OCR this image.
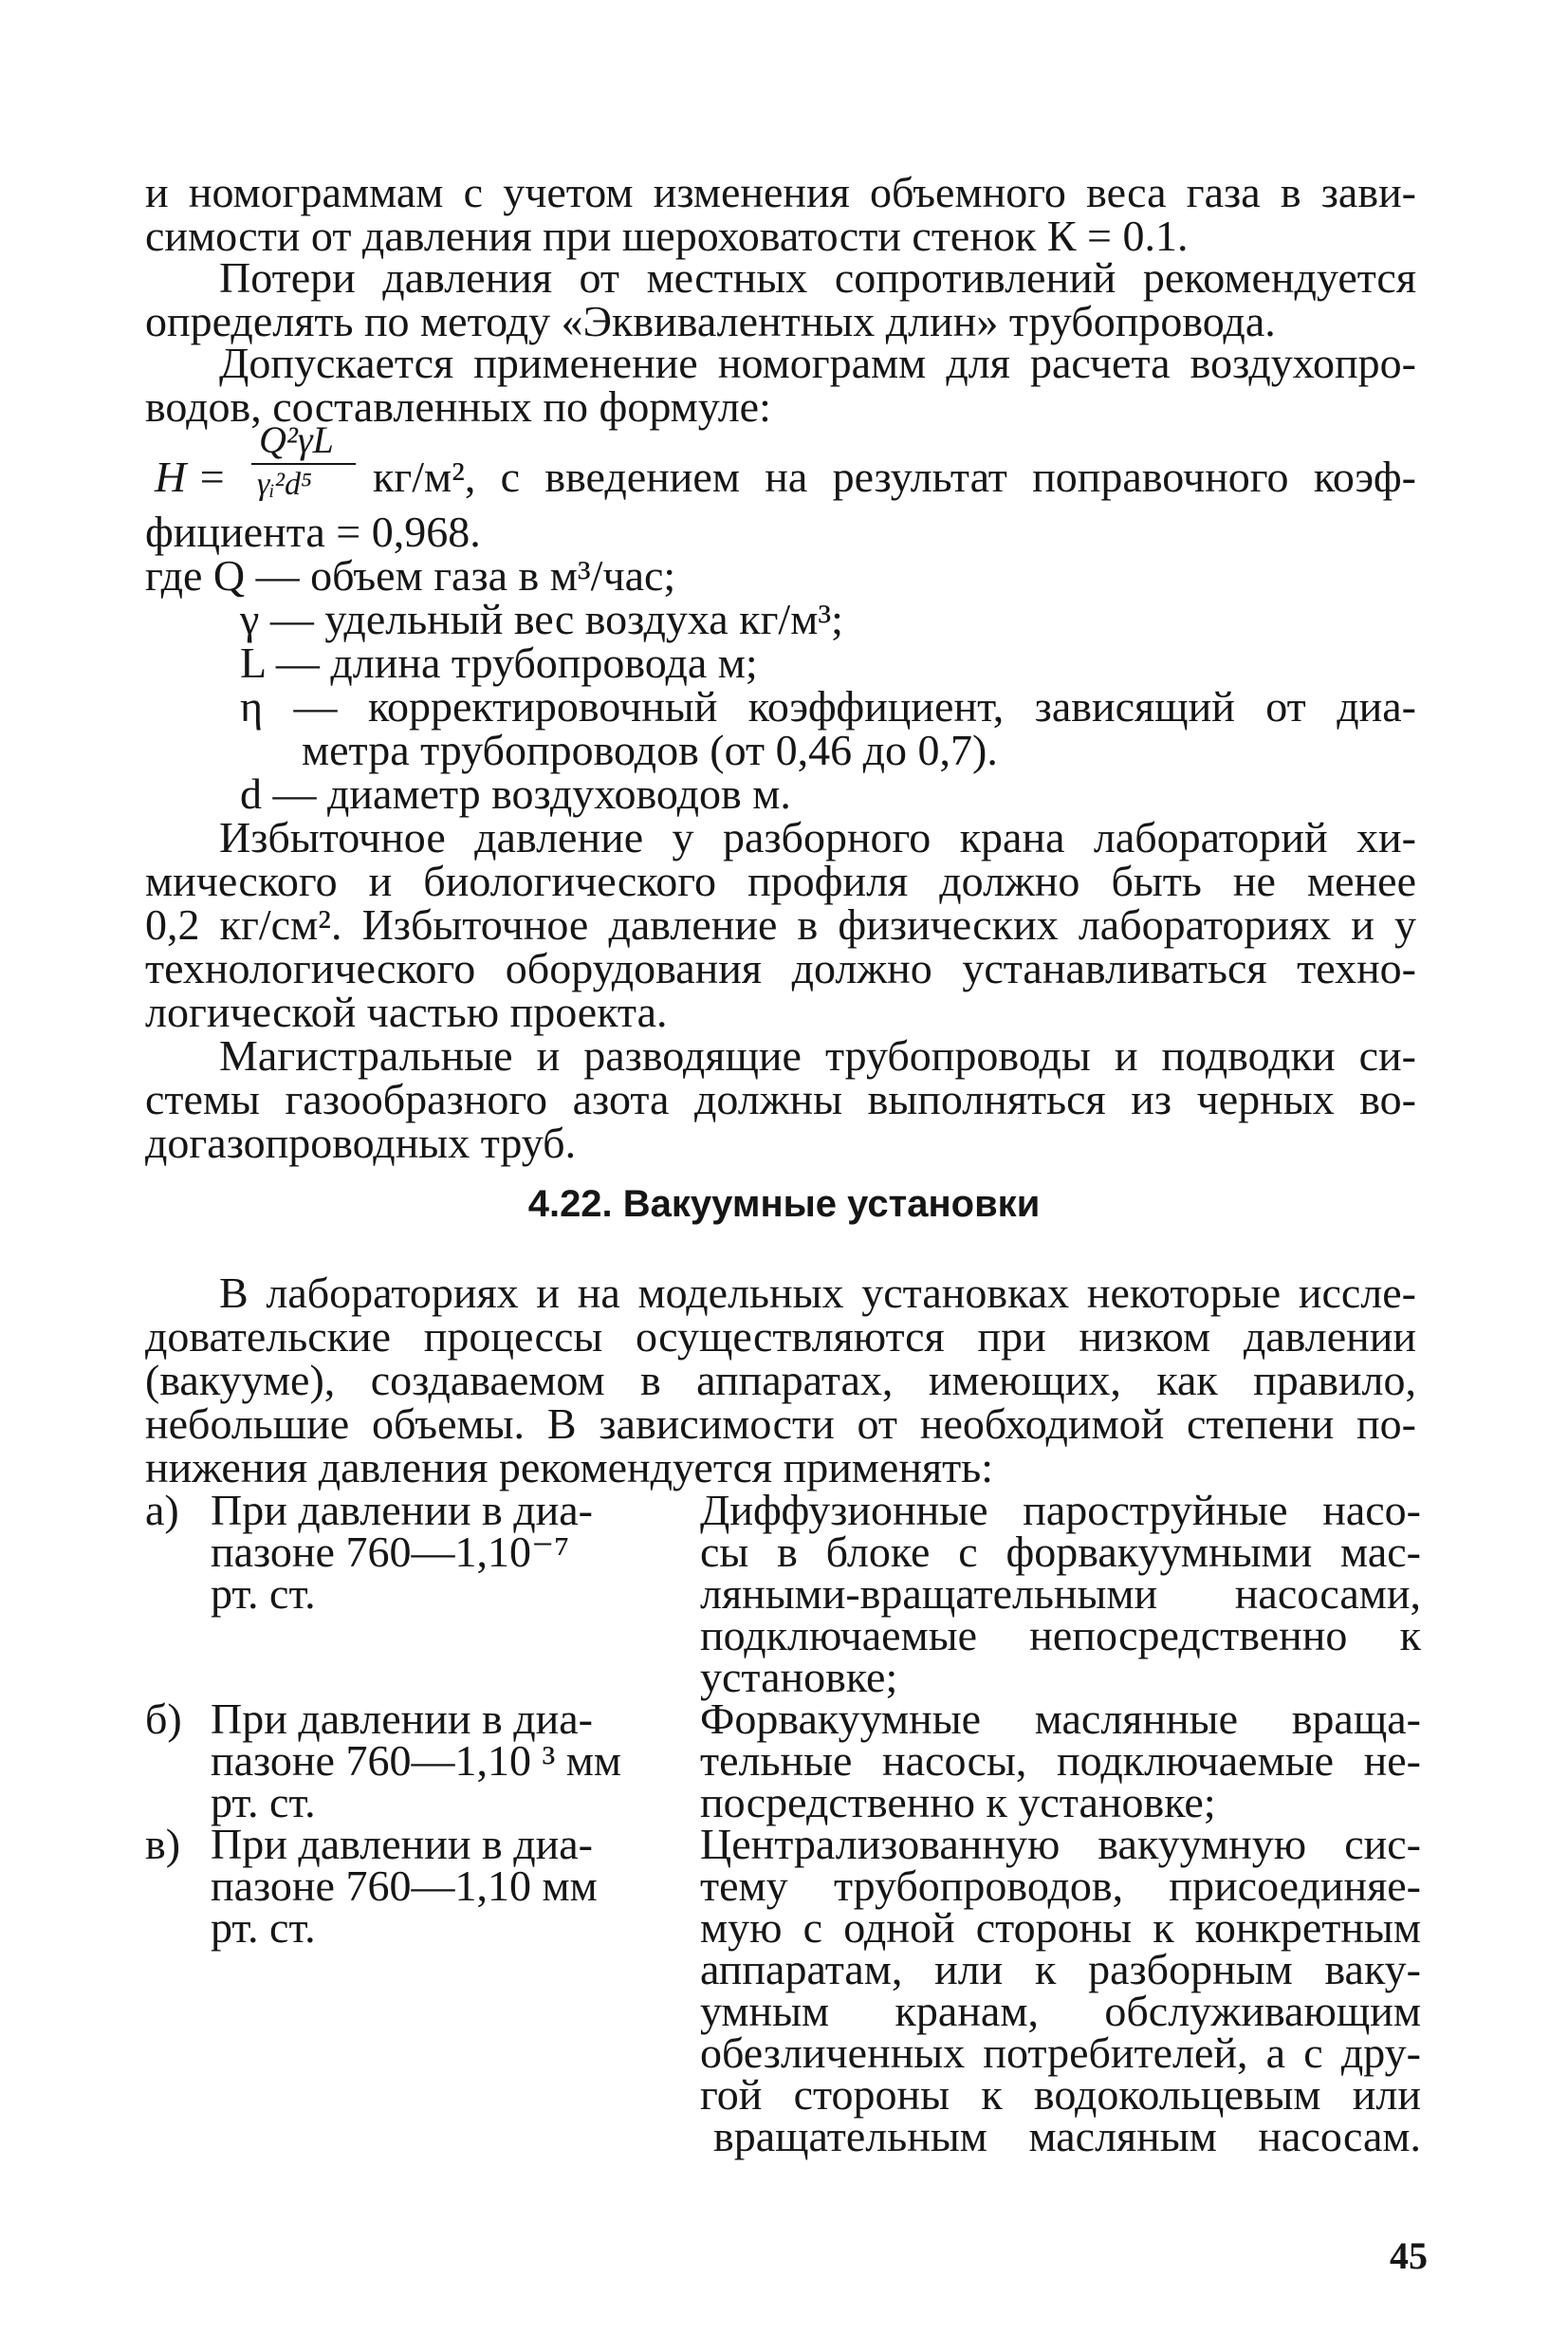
и номограммам с учетом изменения объемного веса газа в зави-
симости от давления при шероховатости стенок К = 0.1.
Потери давления от местных сопротивлений рекомендуется
определять по методу «Эквивалентных длин» трубопровода.
Допускается применение номограмм для расчета воздухопро-
водов, составленных по формуле:
H =
Q²γL
γᵢ²d⁵ кг/м², с введением на результат поправочного коэф-
фициента = 0,968.
где Q — объем газа в м³/час;
γ — удельный вес воздуха кг/м³;
L — длина трубопровода м;
η — корректировочный коэффициент, зависящий от диа-
метра трубопроводов (от 0,46 до 0,7).
d — диаметр воздуховодов м.
Избыточное давление у разборного крана лабораторий хи-
мического и биологического профиля должно быть не менее
0,2 кг/см². Избыточное давление в физических лабораториях и у
технологического оборудования должно устанавливаться техно-
логической частью проекта.
Магистральные и разводящие трубопроводы и подводки си-
стемы газообразного азота должны выполняться из черных во-
догазопроводных труб.
4.22. Вакуумные установки
В лабораториях и на модельных установках некоторые иссле-
довательские процессы осуществляются при низком давлении
(вакууме), создаваемом в аппаратах, имеющих, как правило,
небольшие объемы. В зависимости от необходимой степени по-
нижения давления рекомендуется применять:
а) При давлении в диа-
пазоне 760—1,10⁻⁷
рт. ст.
Диффузионные пароструйные насо-
сы в блоке с форвакуумными мас-
ляными-вращательными насосами,
подключаемые непосредственно к
установке;
б) При давлении в диа-
пазоне 760—1,10 ³ мм
рт. ст.
Форвакуумные маслянные враща-
тельные насосы, подключаемые не-
посредственно к установке;
в) При давлении в диа-
пазоне 760—1,10 мм
рт. ст.
Централизованную вакуумную сис-
тему трубопроводов, присоединяе-
мую с одной стороны к конкретным
аппаратам, или к разборным ваку-
умным кранам, обслуживающим
обезличенных потребителей, а с дру-
гой стороны к водокольцевым или
вращательным масляным насосам.
45
